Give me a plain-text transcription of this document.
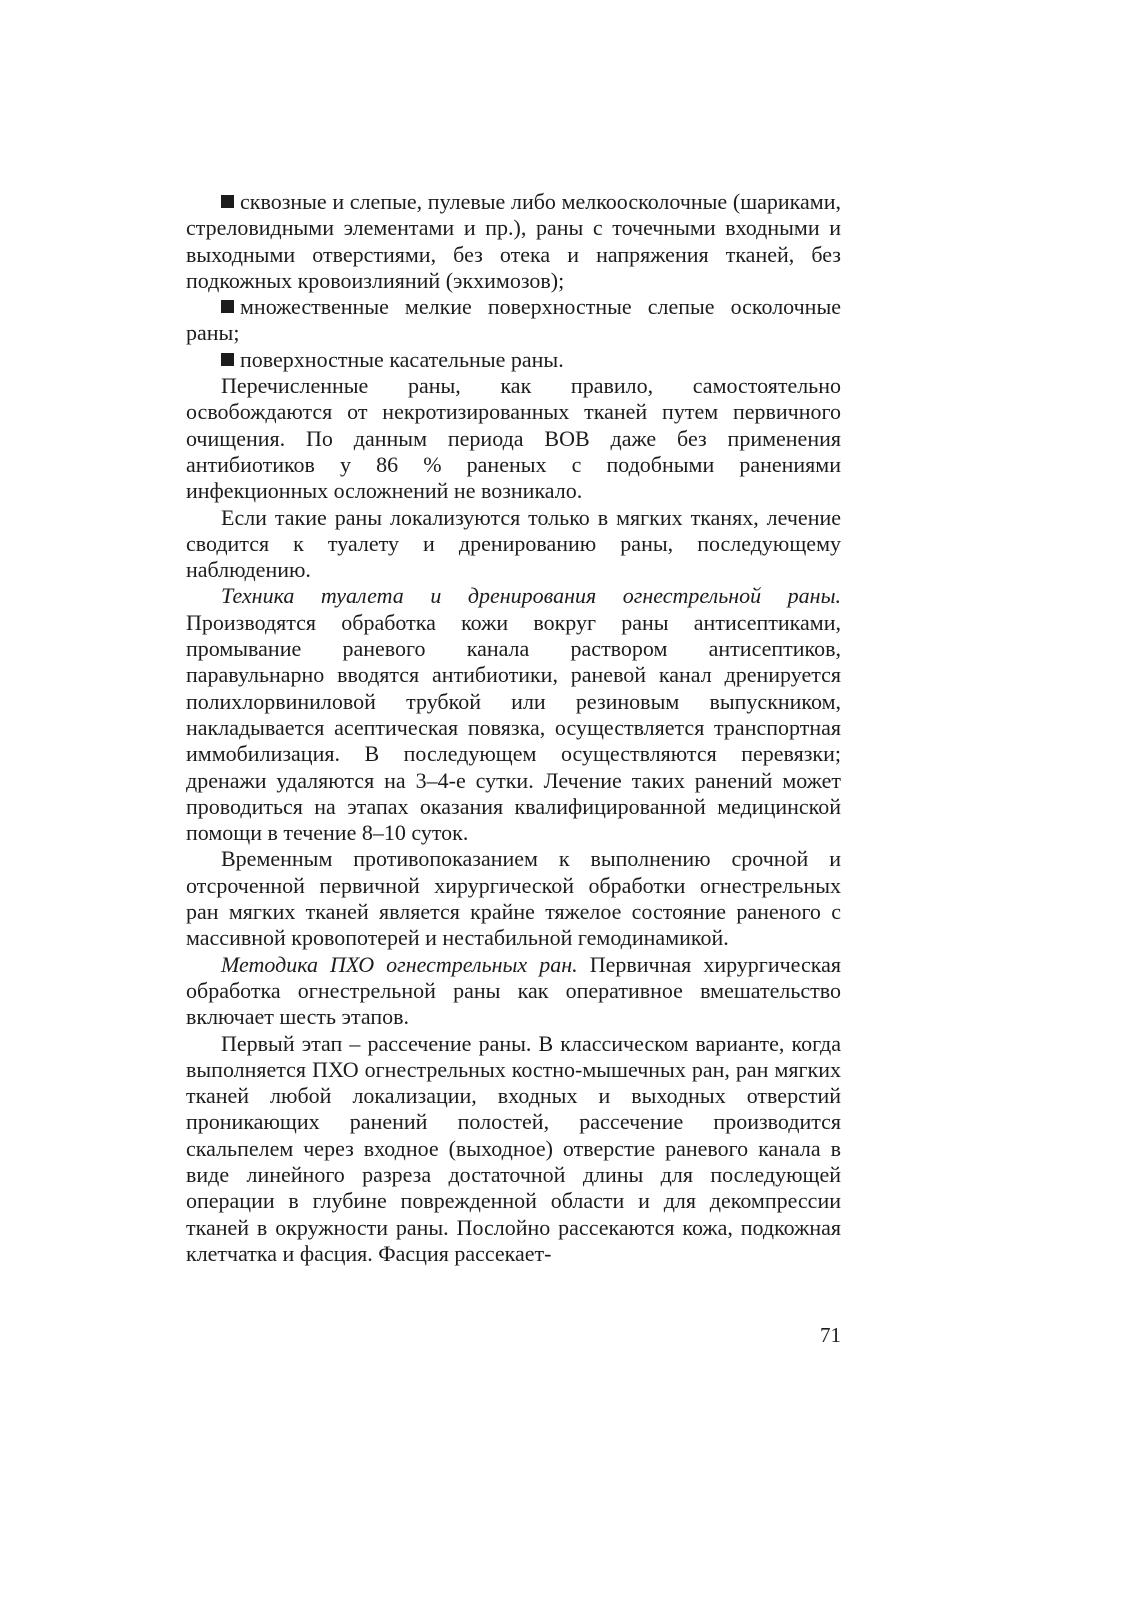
сквозные и слепые, пулевые либо мелкоосколочные (шариками, стреловидными элементами и пр.), раны с точечными входными и выходными отверстиями, без отека и напряжения тканей, без подкожных кровоизлияний (экхимозов);

множественные мелкие поверхностные слепые осколочные раны;

поверхностные касательные раны.

Перечисленные раны, как правило, самостоятельно освобождаются от некротизированных тканей путем первичного очищения. По данным периода ВОВ даже без применения антибиотиков у 86 % раненых с подобными ранениями инфекционных осложнений не возникало.

Если такие раны локализуются только в мягких тканях, лечение сводится к туалету и дренированию раны, последующему наблюдению.

Техника туалета и дренирования огнестрельной раны. Производятся обработка кожи вокруг раны антисептиками, промывание раневого канала раствором антисептиков, паравульнарно вводятся антибиотики, раневой канал дренируется полихлорвиниловой трубкой или резиновым выпускником, накладывается асептическая повязка, осуществляется транспортная иммобилизация. В последующем осуществляются перевязки; дренажи удаляются на 3–4-е сутки. Лечение таких ранений может проводиться на этапах оказания квалифицированной медицинской помощи в течение 8–10 суток.

Временным противопоказанием к выполнению срочной и отсроченной первичной хирургической обработки огнестрельных ран мягких тканей является крайне тяжелое состояние раненого с массивной кровопотерей и нестабильной гемодинамикой.

Методика ПХО огнестрельных ран. Первичная хирургическая обработка огнестрельной раны как оперативное вмешательство включает шесть этапов.

Первый этап – рассечение раны. В классическом варианте, когда выполняется ПХО огнестрельных костно-мышечных ран, ран мягких тканей любой локализации, входных и выходных отверстий проникающих ранений полостей, рассечение производится скальпелем через входное (выходное) отверстие раневого канала в виде линейного разреза достаточной длины для последующей операции в глубине поврежденной области и для декомпрессии тканей в окружности раны. Послойно рассекаются кожа, подкожная клетчатка и фасция. Фасция рассекает-

71
